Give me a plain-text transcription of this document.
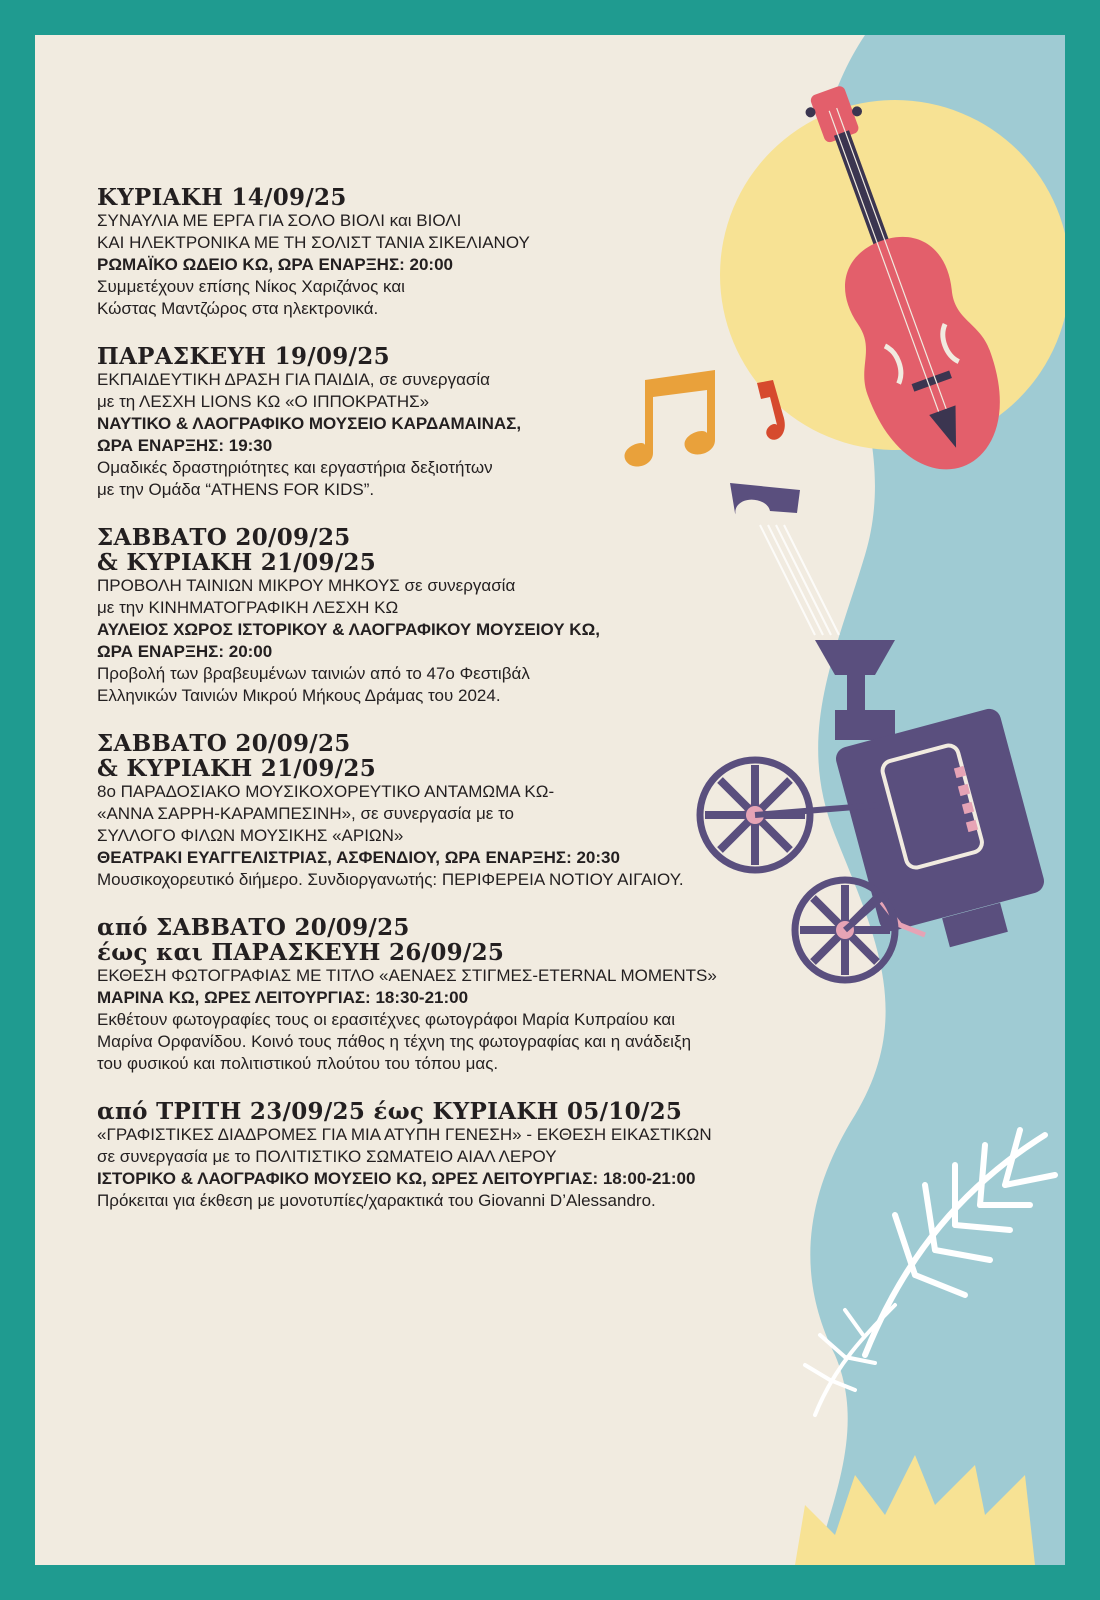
ΚΥΡΙΑΚΗ 14/09/25
ΣΥΝΑΥΛΙΑ ΜΕ ΕΡΓΑ ΓΙΑ ΣΟΛΟ ΒΙΟΛΙ και ΒΙΟΛΙ
ΚΑΙ ΗΛΕΚΤΡΟΝΙΚΑ ΜΕ ΤΗ ΣΟΛΙΣΤ ΤΑΝΙΑ ΣΙΚΕΛΙΑΝΟΥ
ΡΩΜΑΪΚΟ ΩΔΕΙΟ ΚΩ, ΩΡΑ ΕΝΑΡΞΗΣ: 20:00
Συμμετέχουν επίσης Νίκος Χαριζάνος και
Κώστας Μαντζώρος στα ηλεκτρονικά.
ΠΑΡΑΣΚΕΥΗ 19/09/25
ΕΚΠΑΙΔΕΥΤΙΚΗ ΔΡΑΣΗ ΓΙΑ ΠΑΙΔΙΑ, σε συνεργασία
με τη ΛΕΣΧΗ LIONS ΚΩ «Ο ΙΠΠΟΚΡΑΤΗΣ»
ΝΑΥΤΙΚΟ & ΛΑΟΓΡΑΦΙΚΟ ΜΟΥΣΕΙΟ ΚΑΡΔΑΜΑΙΝΑΣ,
ΩΡΑ ΕΝΑΡΞΗΣ: 19:30
Ομαδικές δραστηριότητες και εργαστήρια δεξιοτήτων
με την Ομάδα “ATHENS FOR KIDS”.
ΣΑΒΒΑΤΟ 20/09/25
& ΚΥΡΙΑΚΗ 21/09/25
ΠΡΟΒΟΛΗ ΤΑΙΝΙΩΝ ΜΙΚΡΟΥ ΜΗΚΟΥΣ σε συνεργασία
με την ΚΙΝΗΜΑΤΟΓΡΑΦΙΚΗ ΛΕΣΧΗ ΚΩ
ΑΥΛΕΙΟΣ ΧΩΡΟΣ ΙΣΤΟΡΙΚΟΥ & ΛΑΟΓΡΑΦΙΚΟΥ ΜΟΥΣΕΙΟΥ ΚΩ,
ΩΡΑ ΕΝΑΡΞΗΣ: 20:00
Προβολή των βραβευμένων ταινιών από το 47ο Φεστιβάλ
Ελληνικών Ταινιών Μικρού Μήκους Δράμας του 2024.
ΣΑΒΒΑΤΟ 20/09/25
& ΚΥΡΙΑΚΗ 21/09/25
8ο ΠΑΡΑΔΟΣΙΑΚΟ ΜΟΥΣΙΚΟΧΟΡΕΥΤΙΚΟ ΑΝΤΑΜΩΜΑ ΚΩ-
«ΑΝΝΑ ΣΑΡΡΗ-ΚΑΡΑΜΠΕΣΙΝΗ», σε συνεργασία με το
ΣΥΛΛΟΓΟ ΦΙΛΩΝ ΜΟΥΣΙΚΗΣ «ΑΡΙΩΝ»
ΘΕΑΤΡΑΚΙ ΕΥΑΓΓΕΛΙΣΤΡΙΑΣ, ΑΣΦΕΝΔΙΟΥ, ΩΡΑ ΕΝΑΡΞΗΣ: 20:30
Μουσικοχορευτικό διήμερο. Συνδιοργανωτής: ΠΕΡΙΦΕΡΕΙΑ ΝΟΤΙΟΥ ΑΙΓΑΙΟΥ.
από ΣΑΒΒΑΤΟ 20/09/25
έως και ΠΑΡΑΣΚΕΥΗ 26/09/25
ΕΚΘΕΣΗ ΦΩΤΟΓΡΑΦΙΑΣ ΜΕ ΤΙΤΛΟ «ΑΕΝΑΕΣ ΣΤΙΓΜΕΣ-ETERNAL MOMENTS»
ΜΑΡΙΝΑ ΚΩ, ΩΡΕΣ ΛΕΙΤΟΥΡΓΙΑΣ: 18:30-21:00
Εκθέτουν φωτογραφίες τους οι ερασιτέχνες φωτογράφοι Μαρία Κυπραίου και
Μαρίνα Ορφανίδου. Κοινό τους πάθος η τέχνη της φωτογραφίας και η ανάδειξη
του φυσικού και πολιτιστικού πλούτου του τόπου μας.
από ΤΡΙΤΗ 23/09/25 έως ΚΥΡΙΑΚΗ 05/10/25
«ΓΡΑΦΙΣΤΙΚΕΣ ΔΙΑΔΡΟΜΕΣ ΓΙΑ ΜΙΑ ΑΤΥΠΗ ΓΕΝΕΣΗ» - ΕΚΘΕΣΗ ΕΙΚΑΣΤΙΚΩΝ
σε συνεργασία με το ΠΟΛΙΤΙΣΤΙΚΟ ΣΩΜΑΤΕΙΟ ΑΙΑΛ ΛΕΡΟΥ
ΙΣΤΟΡΙΚΟ & ΛΑΟΓΡΑΦΙΚΟ ΜΟΥΣΕΙΟ ΚΩ, ΩΡΕΣ ΛΕΙΤΟΥΡΓΙΑΣ: 18:00-21:00
Πρόκειται για έκθεση με μονοτυπίες/χαρακτικά του Giovanni D’Alessandro.
